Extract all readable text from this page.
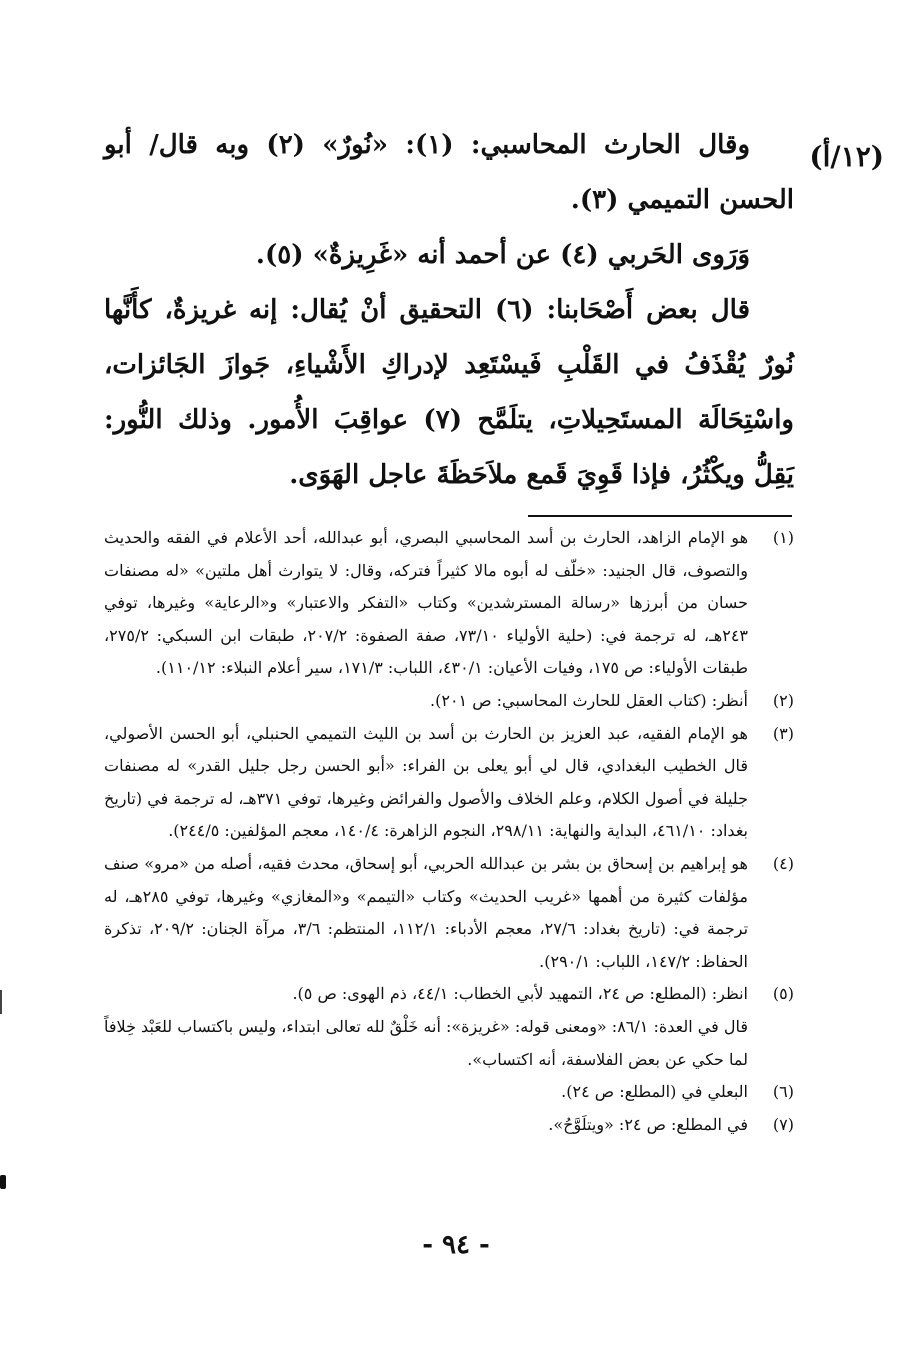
(١٢/أ)

وقال الحارث المحاسبي: (١): «نُورٌ» (٢) وبه قال/ أبو الحسن التميمي (٣).

وَرَوى الحَربي (٤) عن أحمد أنه «غَرِيزةٌ» (٥).

قال بعض أَصْحَابنا: (٦) التحقيق أنْ يُقال: إنه غريزةٌ، كأَنَّها نُورٌ يُقْذَفُ في القَلْبِ فَيسْتَعِد لإدراكِ الأَشْياءِ، جَوازَ الجَائزات، واسْتِحَالَة المستَحِيلاتِ، يتلَمَّح (٧) عواقِبَ الأُمور. وذلك النُّور: يَقِلُّ ويكْثُرُ، فإذا قَوِيَ قَمع ملاَحَظَةَ عاجل الهَوَى.

(١)
هو الإمام الزاهد، الحارث بن أسد المحاسبي البصري، أبو عبدالله، أحد الأعلام في الفقه والحديث والتصوف، قال الجنيد: «خلّف له أبوه مالا كثيراً فتركه، وقال: لا يتوارث أهل ملتين» «له مصنفات حسان من أبرزها «رسالة المسترشدين» وكتاب «التفكر والاعتبار» و«الرعاية» وغيرها، توفي ٢٤٣هـ، له ترجمة في: (حلية الأولياء ٧٣/١٠، صفة الصفوة: ٢٠٧/٢، طبقات ابن السبكي: ٢٧٥/٢، طبقات الأولياء: ص ١٧٥، وفيات الأعيان: ٤٣٠/١، اللباب: ١٧١/٣، سير أعلام النبلاء: ١١٠/١٢).
(٢)
أنظر: (كتاب العقل للحارث المحاسبي: ص ٢٠١).
(٣)
هو الإمام الفقيه، عبد العزيز بن الحارث بن أسد بن الليث التميمي الحنبلي، أبو الحسن الأصولي، قال الخطيب البغدادي، قال لي أبو يعلى بن الفراء: «أبو الحسن رجل جليل القدر» له مصنفات جليلة في أصول الكلام، وعلم الخلاف والأصول والفرائض وغيرها، توفي ٣٧١هـ، له ترجمة في (تاريخ بغداد: ٤٦١/١٠، البداية والنهاية: ٢٩٨/١١، النجوم الزاهرة: ١٤٠/٤، معجم المؤلفين: ٢٤٤/٥).
(٤)
هو إبراهيم بن إسحاق بن بشر بن عبدالله الحربي، أبو إسحاق، محدث فقيه، أصله من «مرو» صنف مؤلفات كثيرة من أهمها «غريب الحديث» وكتاب «التيمم» و«المغازي» وغيرها، توفي ٢٨٥هـ، له ترجمة في: (تاريخ بغداد: ٢٧/٦، معجم الأدباء: ١١٢/١، المنتظم: ٣/٦، مرآة الجنان: ٢٠٩/٢، تذكرة الحفاظ: ١٤٧/٢، اللباب: ٢٩٠/١).
(٥)
انظر: (المطلع: ص ٢٤، التمهيد لأبي الخطاب: ٤٤/١، ذم الهوى: ص ٥).
قال في العدة: ٨٦/١: «ومعنى قوله: «غريزة»: أنه خَلْقٌ لله تعالى ابتداء، وليس باكتساب للعَبْد خِلافاً لما حكي عن بعض الفلاسفة، أنه اكتساب».
(٦)
البعلي في (المطلع: ص ٢٤).
(٧)
في المطلع: ص ٢٤: «ويتلَوَّحُ».
- ٩٤ -
